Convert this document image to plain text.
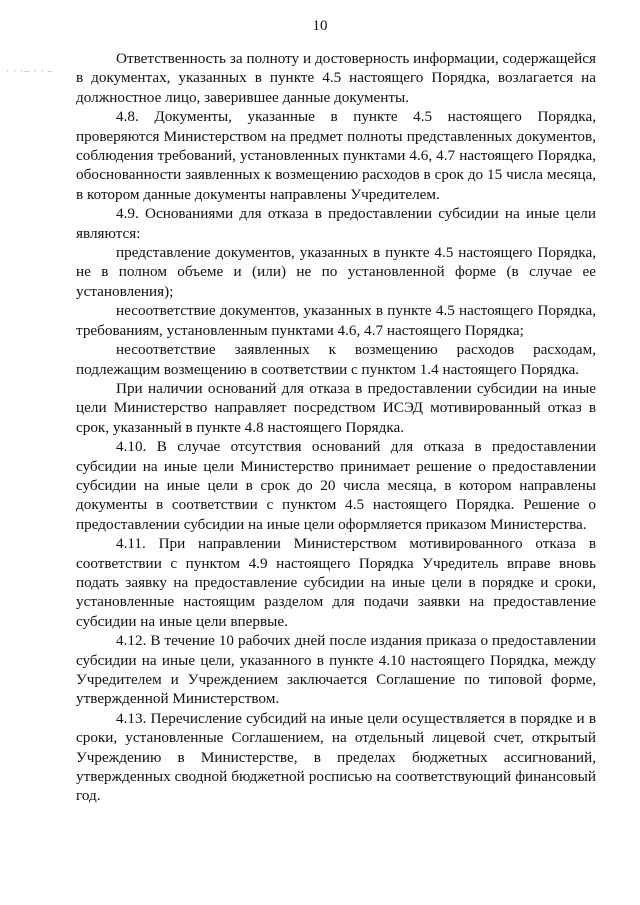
10
· · ·– · · –

Ответственность за полноту и достоверность информации, содержащейся в документах, указанных в пункте 4.5 настоящего Порядка, возлагается на должностное лицо, заверившее данные документы.

4.8. Документы, указанные в пункте 4.5 настоящего Порядка, проверяются Министерством на предмет полноты представленных документов, соблюдения требований, установленных пунктами 4.6, 4.7 настоящего Порядка, обоснованности заявленных к возмещению расходов в срок до 15 числа месяца, в котором данные документы направлены Учредителем.

4.9. Основаниями для отказа в предоставлении субсидии на иные цели являются:

представление документов, указанных в пункте 4.5 настоящего Порядка, не в полном объеме и (или) не по установленной форме (в случае ее установления);

несоответствие документов, указанных в пункте 4.5 настоящего Порядка, требованиям, установленным пунктами 4.6, 4.7 настоящего Порядка;

несоответствие заявленных к возмещению расходов расходам, подлежащим возмещению в соответствии с пунктом 1.4 настоящего Порядка.

При наличии оснований для отказа в предоставлении субсидии на иные цели Министерство направляет посредством ИСЭД мотивированный отказ в срок, указанный в пункте 4.8 настоящего Порядка.

4.10. В случае отсутствия оснований для отказа в предоставлении субсидии на иные цели Министерство принимает решение о предоставлении субсидии на иные цели в срок до 20 числа месяца, в котором направлены документы в соответствии с пунктом 4.5 настоящего Порядка. Решение о предоставлении субсидии на иные цели оформляется приказом Министерства.

4.11. При направлении Министерством мотивированного отказа в соответствии с пунктом 4.9 настоящего Порядка Учредитель вправе вновь подать заявку на предоставление субсидии на иные цели в порядке и сроки, установленные настоящим разделом для подачи заявки на предоставление субсидии на иные цели впервые.

4.12. В течение 10 рабочих дней после издания приказа о предоставлении субсидии на иные цели, указанного в пункте 4.10 настоящего Порядка, между Учредителем и Учреждением заключается Соглашение по типовой форме, утвержденной Министерством.

4.13. Перечисление субсидий на иные цели осуществляется в порядке и в сроки, установленные Соглашением, на отдельный лицевой счет, открытый Учреждению в Министерстве, в пределах бюджетных ассигнований, утвержденных сводной бюджетной росписью на соответствующий финансовый год.
